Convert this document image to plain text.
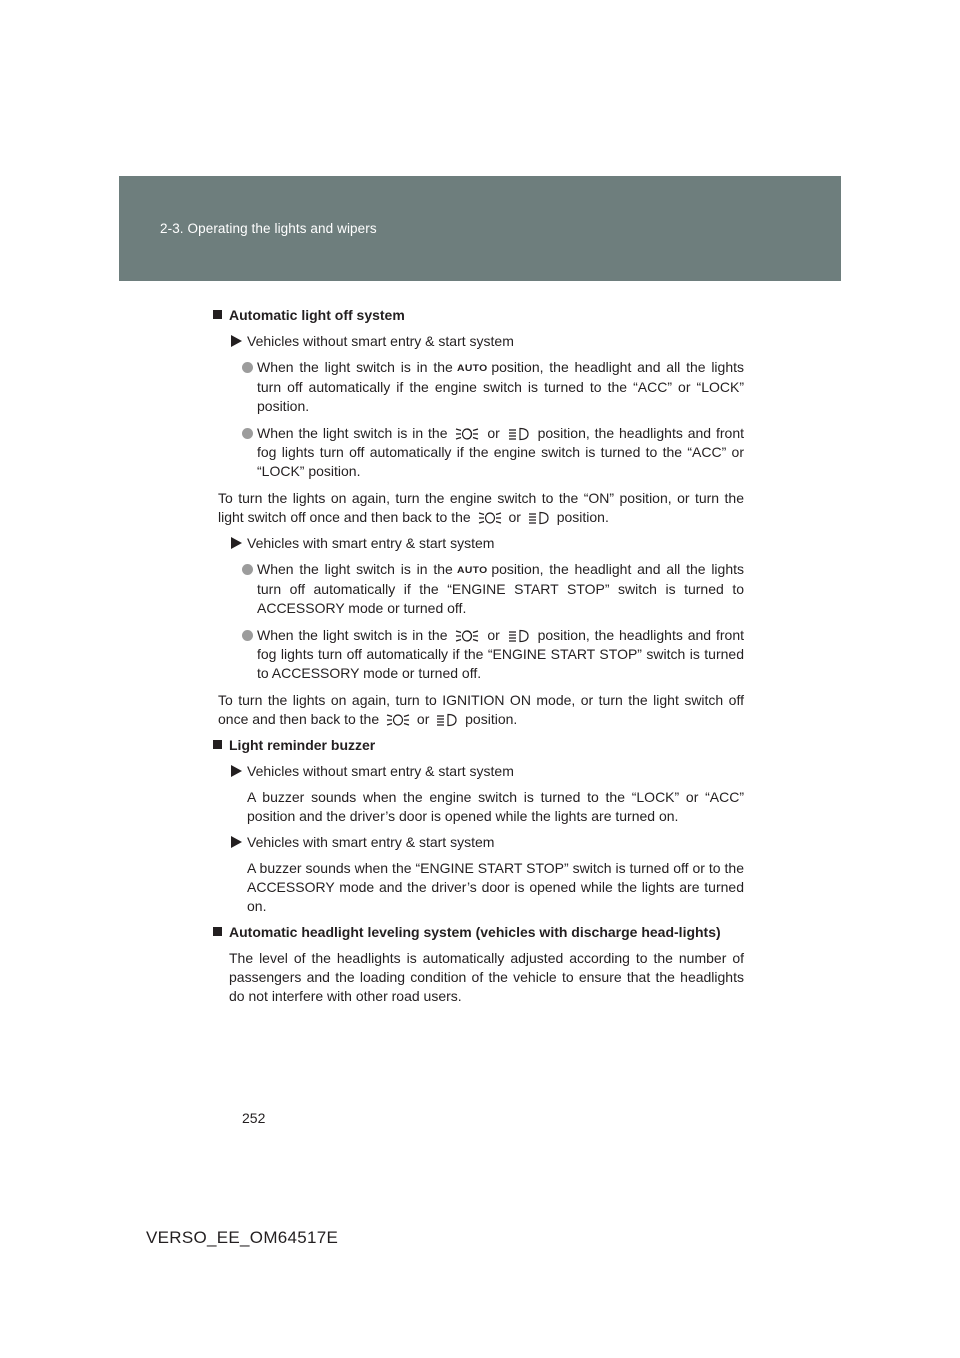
2-3. Operating the lights and wipers
Automatic light off system
Vehicles without smart entry & start system
When the light switch is in the AUTO position, the headlight and all the lights turn off automatically if the engine switch is turned to the “ACC” or “LOCK” position.
When the light switch is in the	or	position, the headlights and front fog lights turn off automatically if the engine switch is turned to the “ACC” or “LOCK” position.
To turn the lights on again, turn the engine switch to the “ON” position, or turn the light switch off once and then back to the	or	position.
Vehicles with smart entry & start system
When the light switch is in the AUTO position, the headlight and all the lights turn off automatically if the “ENGINE START STOP” switch is turned to ACCESSORY mode or turned off.
When the light switch is in the	or	position, the headlights and front fog lights turn off automatically if the “ENGINE START STOP” switch is turned to ACCESSORY mode or turned off.
To turn the lights on again, turn to IGNITION ON mode, or turn the light switch off once and then back to the	or	position.
Light reminder buzzer
Vehicles without smart entry & start system
A buzzer sounds when the engine switch is turned to the “LOCK” or “ACC” position and the driver’s door is opened while the lights are turned on.
Vehicles with smart entry & start system
A buzzer sounds when the “ENGINE START STOP” switch is turned off or to the ACCESSORY mode and the driver’s door is opened while the lights are turned on.
Automatic headlight leveling system (vehicles with discharge head-lights)
The level of the headlights is automatically adjusted according to the number of passengers and the loading condition of the vehicle to ensure that the headlights do not interfere with other road users.
252
VERSO_EE_OM64517E
